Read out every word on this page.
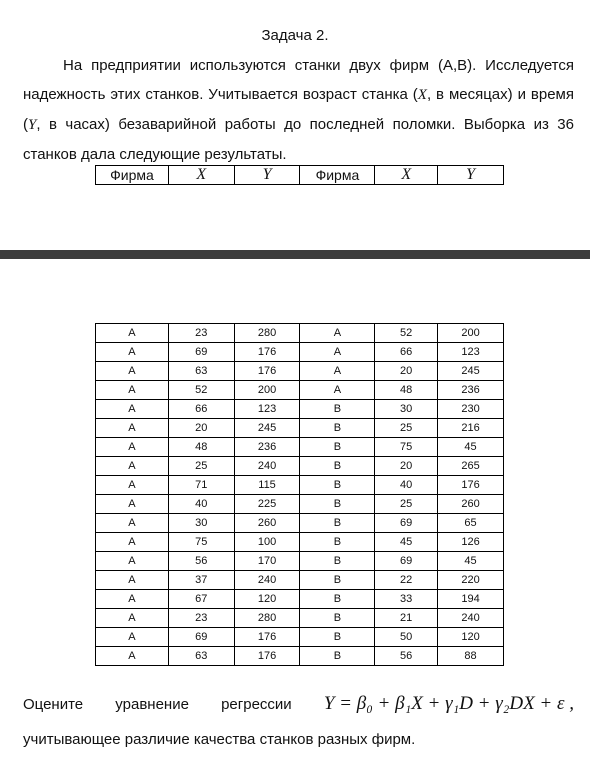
Задача 2.
На предприятии используются станки двух фирм (A,B). Исследуется надежность этих станков. Учитывается возраст станка (X, в месяцах) и время (Y, в часах) безаварийной работы до последней поломки. Выборка из 36 станков дала следующие результаты.
Фирма	X	Y	Фирма	X	Y
A	23	280	A	52	200
A	69	176	A	66	123
A	63	176	A	20	245
A	52	200	A	48	236
A	66	123	B	30	230
A	20	245	B	25	216
A	48	236	B	75	45
A	25	240	B	20	265
A	71	115	B	40	176
A	40	225	B	25	260
A	30	260	B	69	65
A	75	100	B	45	126
A	56	170	B	69	45
A	37	240	B	22	220
A	67	120	B	33	194
A	23	280	B	21	240
A	69	176	B	50	120
A	63	176	B	56	88
Оцените уравнение регрессии Y = β₀ + β₁X + γ₁D + γ₂DX + ε ,
учитывающее различие качества станков разных фирм.
